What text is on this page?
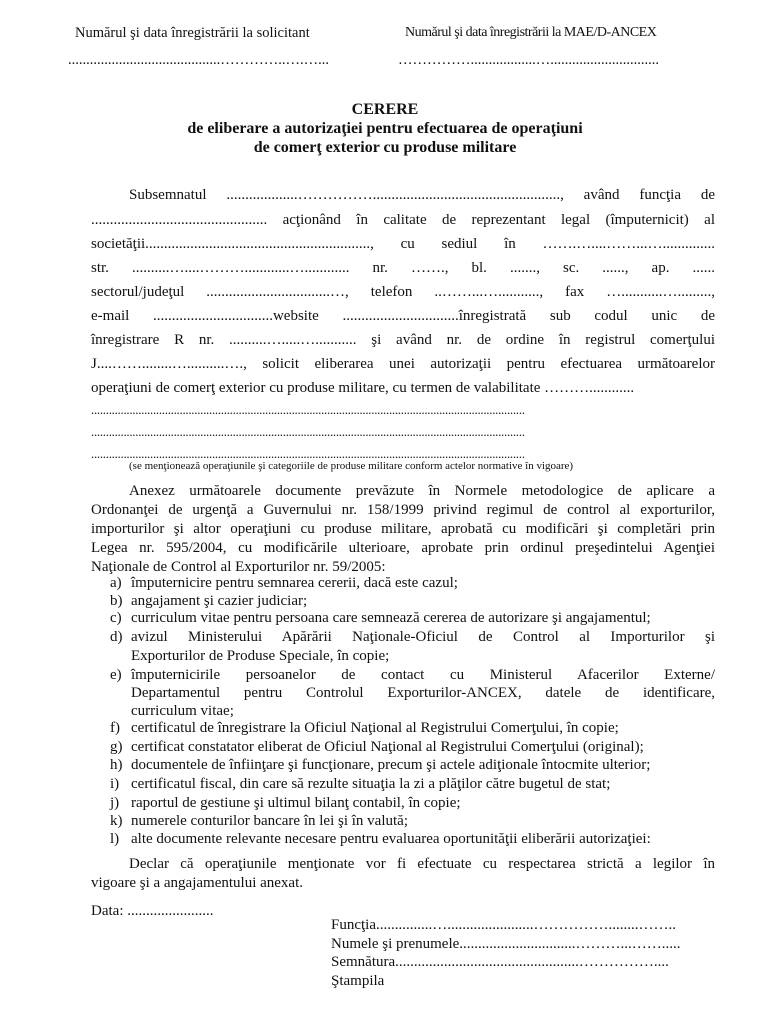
Numărul şi data înregistrării la solicitant
..........................................…………..….…...
Numărul şi data înregistrării la MAE/D-ANCEX
……………..................…..............................
CERERE
de eliberare a autorizaţiei pentru efectuarea de operaţiuni
de comerţ exterior cu produse militare
Subsemnatul ...................…………….................................................., având funcţia de
............................................... acţionând în calitate de reprezentant legal (împuternicit) al
societăţii............................................................, cu sediul în …….…....……...…..............
str. ..........…....………............…............ nr. ……., bl. ......., sc. ......, ap. ......
sectorul/judeţul .................................…, telefon ..……...…..........., fax …...........….........,
e-mail ................................website ...............................înregistrată sub codul unic de
înregistrare R nr. ..........….....…........... şi având nr. de ordine în registrul comerţului
J....……........…..........…., solicit eliberarea unei autorizaţii pentru efectuarea următoarelor
operaţiuni de comerţ exterior cu produse militare, cu termen de valabilitate ………............
...................................................................................................................................................
...................................................................................................................................................
...................................................................................................................................................
(se menţionează operaţiunile şi categoriile de produse militare conform actelor normative în vigoare)
Anexez următoarele documente prevăzute în Normele metodologice de aplicare a
Ordonanţei de urgenţă a Guvernului nr. 158/1999 privind regimul de control al exporturilor,
importurilor şi altor operaţiuni cu produse militare, aprobată cu modificări şi completări prin
Legea nr. 595/2004, cu modificările ulterioare, aprobate prin ordinul preşedintelui Agenţiei
Naţionale de Control al Exporturilor nr. 59/2005:
a) împuternicire pentru semnarea cererii, dacă este cazul;
b) angajament şi cazier judiciar;
c) curriculum vitae pentru persoana care semnează cererea de autorizare şi angajamentul;
d) avizul Ministerului Apărării Naţionale-Oficiul de Control al Importurilor şi
Exporturilor de Produse Speciale, în copie;
e) împuternicirile persoanelor de contact cu Ministerul Afacerilor Externe/
Departamentul pentru Controlul Exporturilor-ANCEX, datele de identificare,
curriculum vitae;
f) certificatul de înregistrare la Oficiul Naţional al Registrului Comerţului, în copie;
g) certificat constatator eliberat de Oficiul Naţional al Registrului Comerţului (original);
h) documentele de înfiinţare şi funcţionare, precum şi actele adiţionale întocmite ulterior;
i) certificatul fiscal, din care să rezulte situaţia la zi a plăţilor către bugetul de stat;
j) raportul de gestiune şi ultimul bilanţ contabil, în copie;
k) numerele conturilor bancare în lei şi în valută;
l) alte documente relevante necesare pentru evaluarea oportunităţii eliberării autorizaţiei:
Declar că operaţiunile menţionate vor fi efectuate cu respectarea strictă a legilor în
vigoare şi a angajamentului anexat.
Data: .......................
Funcţia...............….......................……………........……..
Numele şi prenumele...............................………...…….....
Semnătura.................................................……………....
Ştampila
